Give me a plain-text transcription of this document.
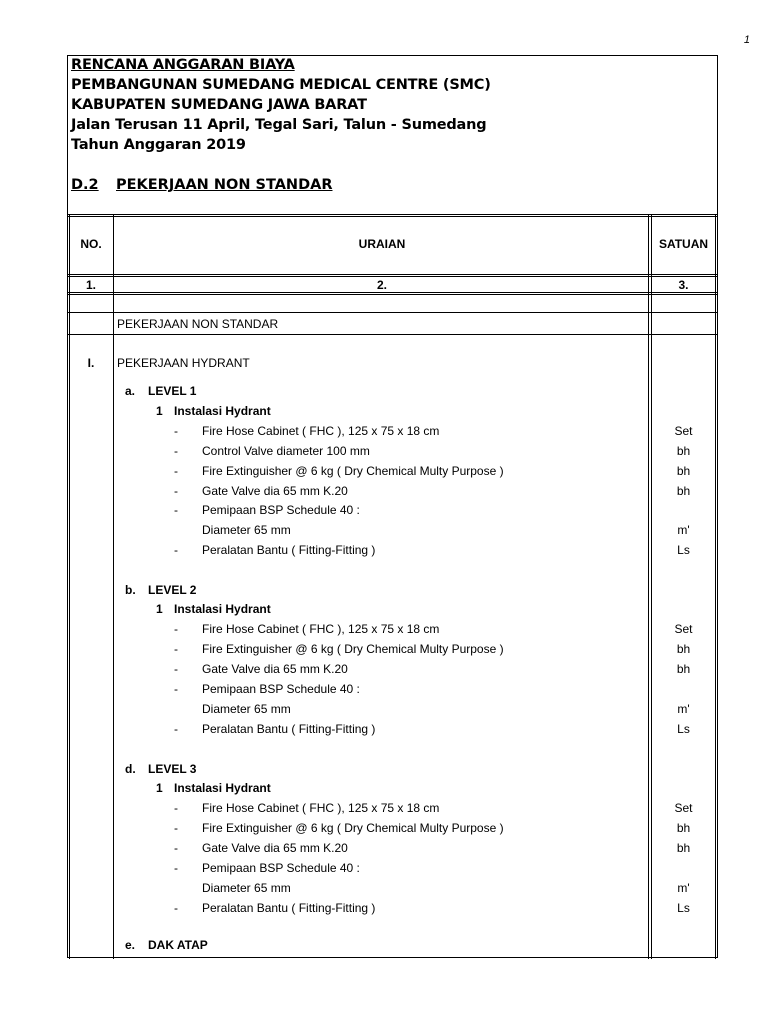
1
RENCANA ANGGARAN BIAYA
PEMBANGUNAN SUMEDANG MEDICAL CENTRE (SMC)
KABUPATEN SUMEDANG JAWA BARAT
Jalan Terusan 11 April, Tegal Sari, Talun - Sumedang
Tahun Anggaran 2019
D.2 PEKERJAAN NON STANDAR
NO.	URAIAN	SATUAN
1.	2.	3.
PEKERJAAN NON STANDAR
I.	PEKERJAAN HYDRANT
a. LEVEL 1
1 Instalasi Hydrant
- Fire Hose Cabinet ( FHC ), 125 x 75 x 18 cm	Set
- Control Valve diameter 100 mm	bh
- Fire Extinguisher @ 6 kg ( Dry Chemical Multy Purpose )	bh
- Gate Valve dia 65 mm K.20	bh
- Pemipaan BSP Schedule 40 :
Diameter 65 mm	m'
- Peralatan Bantu ( Fitting-Fitting )	Ls
b. LEVEL 2
1 Instalasi Hydrant
- Fire Hose Cabinet ( FHC ), 125 x 75 x 18 cm	Set
- Fire Extinguisher @ 6 kg ( Dry Chemical Multy Purpose )	bh
- Gate Valve dia 65 mm K.20	bh
- Pemipaan BSP Schedule 40 :
Diameter 65 mm	m'
- Peralatan Bantu ( Fitting-Fitting )	Ls
d. LEVEL 3
1 Instalasi Hydrant
- Fire Hose Cabinet ( FHC ), 125 x 75 x 18 cm	Set
- Fire Extinguisher @ 6 kg ( Dry Chemical Multy Purpose )	bh
- Gate Valve dia 65 mm K.20	bh
- Pemipaan BSP Schedule 40 :
Diameter 65 mm	m'
- Peralatan Bantu ( Fitting-Fitting )	Ls
e. DAK ATAP
